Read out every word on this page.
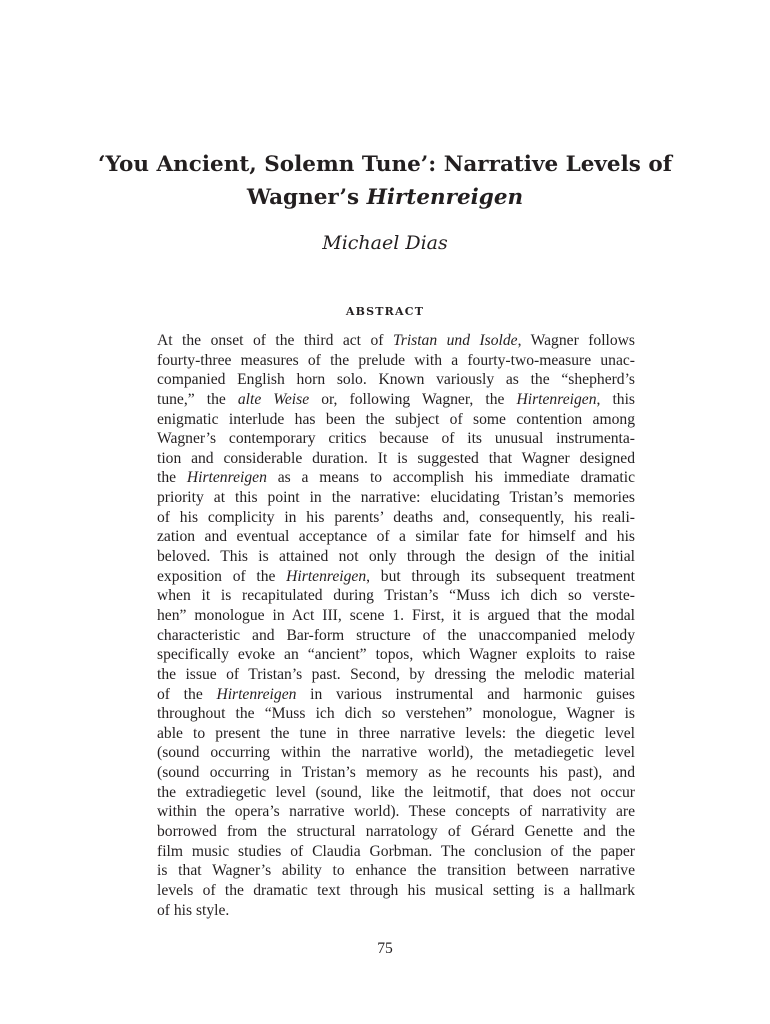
‘You Ancient, Solemn Tune’: Narrative Levels of
Wagner’s Hirtenreigen
Michael Dias
ABSTRACT
At the onset of the third act of Tristan und Isolde, Wagner follows
fourty-three measures of the prelude with a fourty-two-measure unac-
companied English horn solo. Known variously as the “shepherd’s
tune,” the alte Weise or, following Wagner, the Hirtenreigen, this
enigmatic interlude has been the subject of some contention among
Wagner’s contemporary critics because of its unusual instrumenta-
tion and considerable duration. It is suggested that Wagner designed
the Hirtenreigen as a means to accomplish his immediate dramatic
priority at this point in the narrative: elucidating Tristan’s memories
of his complicity in his parents’ deaths and, consequently, his reali-
zation and eventual acceptance of a similar fate for himself and his
beloved. This is attained not only through the design of the initial
exposition of the Hirtenreigen, but through its subsequent treatment
when it is recapitulated during Tristan’s “Muss ich dich so verste-
hen” monologue in Act III, scene 1. First, it is argued that the modal
characteristic and Bar-form structure of the unaccompanied melody
specifically evoke an “ancient” topos, which Wagner exploits to raise
the issue of Tristan’s past. Second, by dressing the melodic material
of the Hirtenreigen in various instrumental and harmonic guises
throughout the “Muss ich dich so verstehen” monologue, Wagner is
able to present the tune in three narrative levels: the diegetic level
(sound occurring within the narrative world), the metadiegetic level
(sound occurring in Tristan’s memory as he recounts his past), and
the extradiegetic level (sound, like the leitmotif, that does not occur
within the opera’s narrative world). These concepts of narrativity are
borrowed from the structural narratology of Gérard Genette and the
film music studies of Claudia Gorbman. The conclusion of the paper
is that Wagner’s ability to enhance the transition between narrative
levels of the dramatic text through his musical setting is a hallmark
of his style.
75
